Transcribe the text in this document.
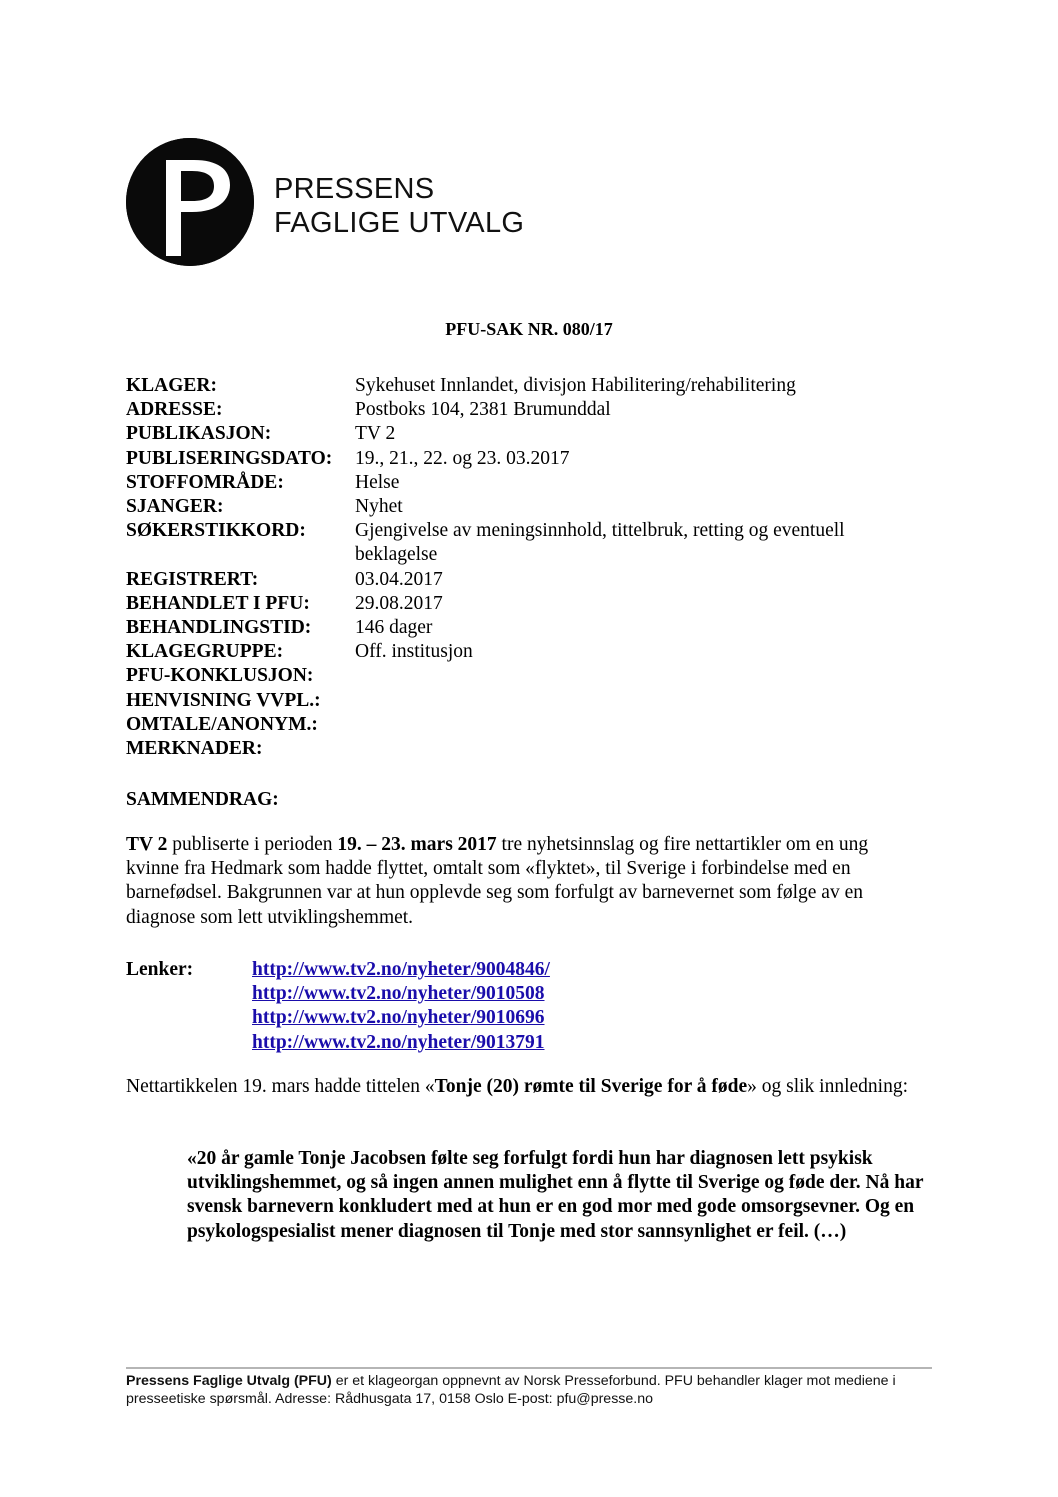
PRESSENS
FAGLIGE UTVALG
PFU-SAK NR. 080/17
KLAGER:	Sykehuset Innlandet, divisjon Habilitering/rehabilitering
ADRESSE:	Postboks 104, 2381 Brumunddal
PUBLIKASJON:	TV 2
PUBLISERINGSDATO:	19., 21., 22. og 23. 03.2017
STOFFOMRÅDE:	Helse
SJANGER:	Nyhet
SØKERSTIKKORD:	Gjengivelse av meningsinnhold, tittelbruk, retting og eventuell beklagelse
REGISTRERT:	03.04.2017
BEHANDLET I PFU:	29.08.2017
BEHANDLINGSTID:	146 dager
KLAGEGRUPPE:	Off. institusjon
PFU-KONKLUSJON:
HENVISNING VVPL.:
OMTALE/ANONYM.:
MERKNADER:
SAMMENDRAG:
TV 2 publiserte i perioden 19. – 23. mars 2017 tre nyhetsinnslag og fire nettartikler om en ung kvinne fra Hedmark som hadde flyttet, omtalt som «flyktet», til Sverige i forbindelse med en barnefødsel. Bakgrunnen var at hun opplevde seg som forfulgt av barnevernet som følge av en diagnose som lett utviklingshemmet.
Lenker:	http://www.tv2.no/nyheter/9004846/
http://www.tv2.no/nyheter/9010508
http://www.tv2.no/nyheter/9010696
http://www.tv2.no/nyheter/9013791
Nettartikkelen 19. mars hadde tittelen «Tonje (20) rømte til Sverige for å føde» og slik innledning:
«20 år gamle Tonje Jacobsen følte seg forfulgt fordi hun har diagnosen lett psykisk utviklingshemmet, og så ingen annen mulighet enn å flytte til Sverige og føde der. Nå har svensk barnevern konkludert med at hun er en god mor med gode omsorgsevner. Og en psykologspesialist mener diagnosen til Tonje med stor sannsynlighet er feil. (…)
Pressens Faglige Utvalg (PFU) er et klageorgan oppnevnt av Norsk Presseforbund. PFU behandler klager mot mediene i presseetiske spørsmål. Adresse: Rådhusgata 17, 0158 Oslo E-post: pfu@presse.no
